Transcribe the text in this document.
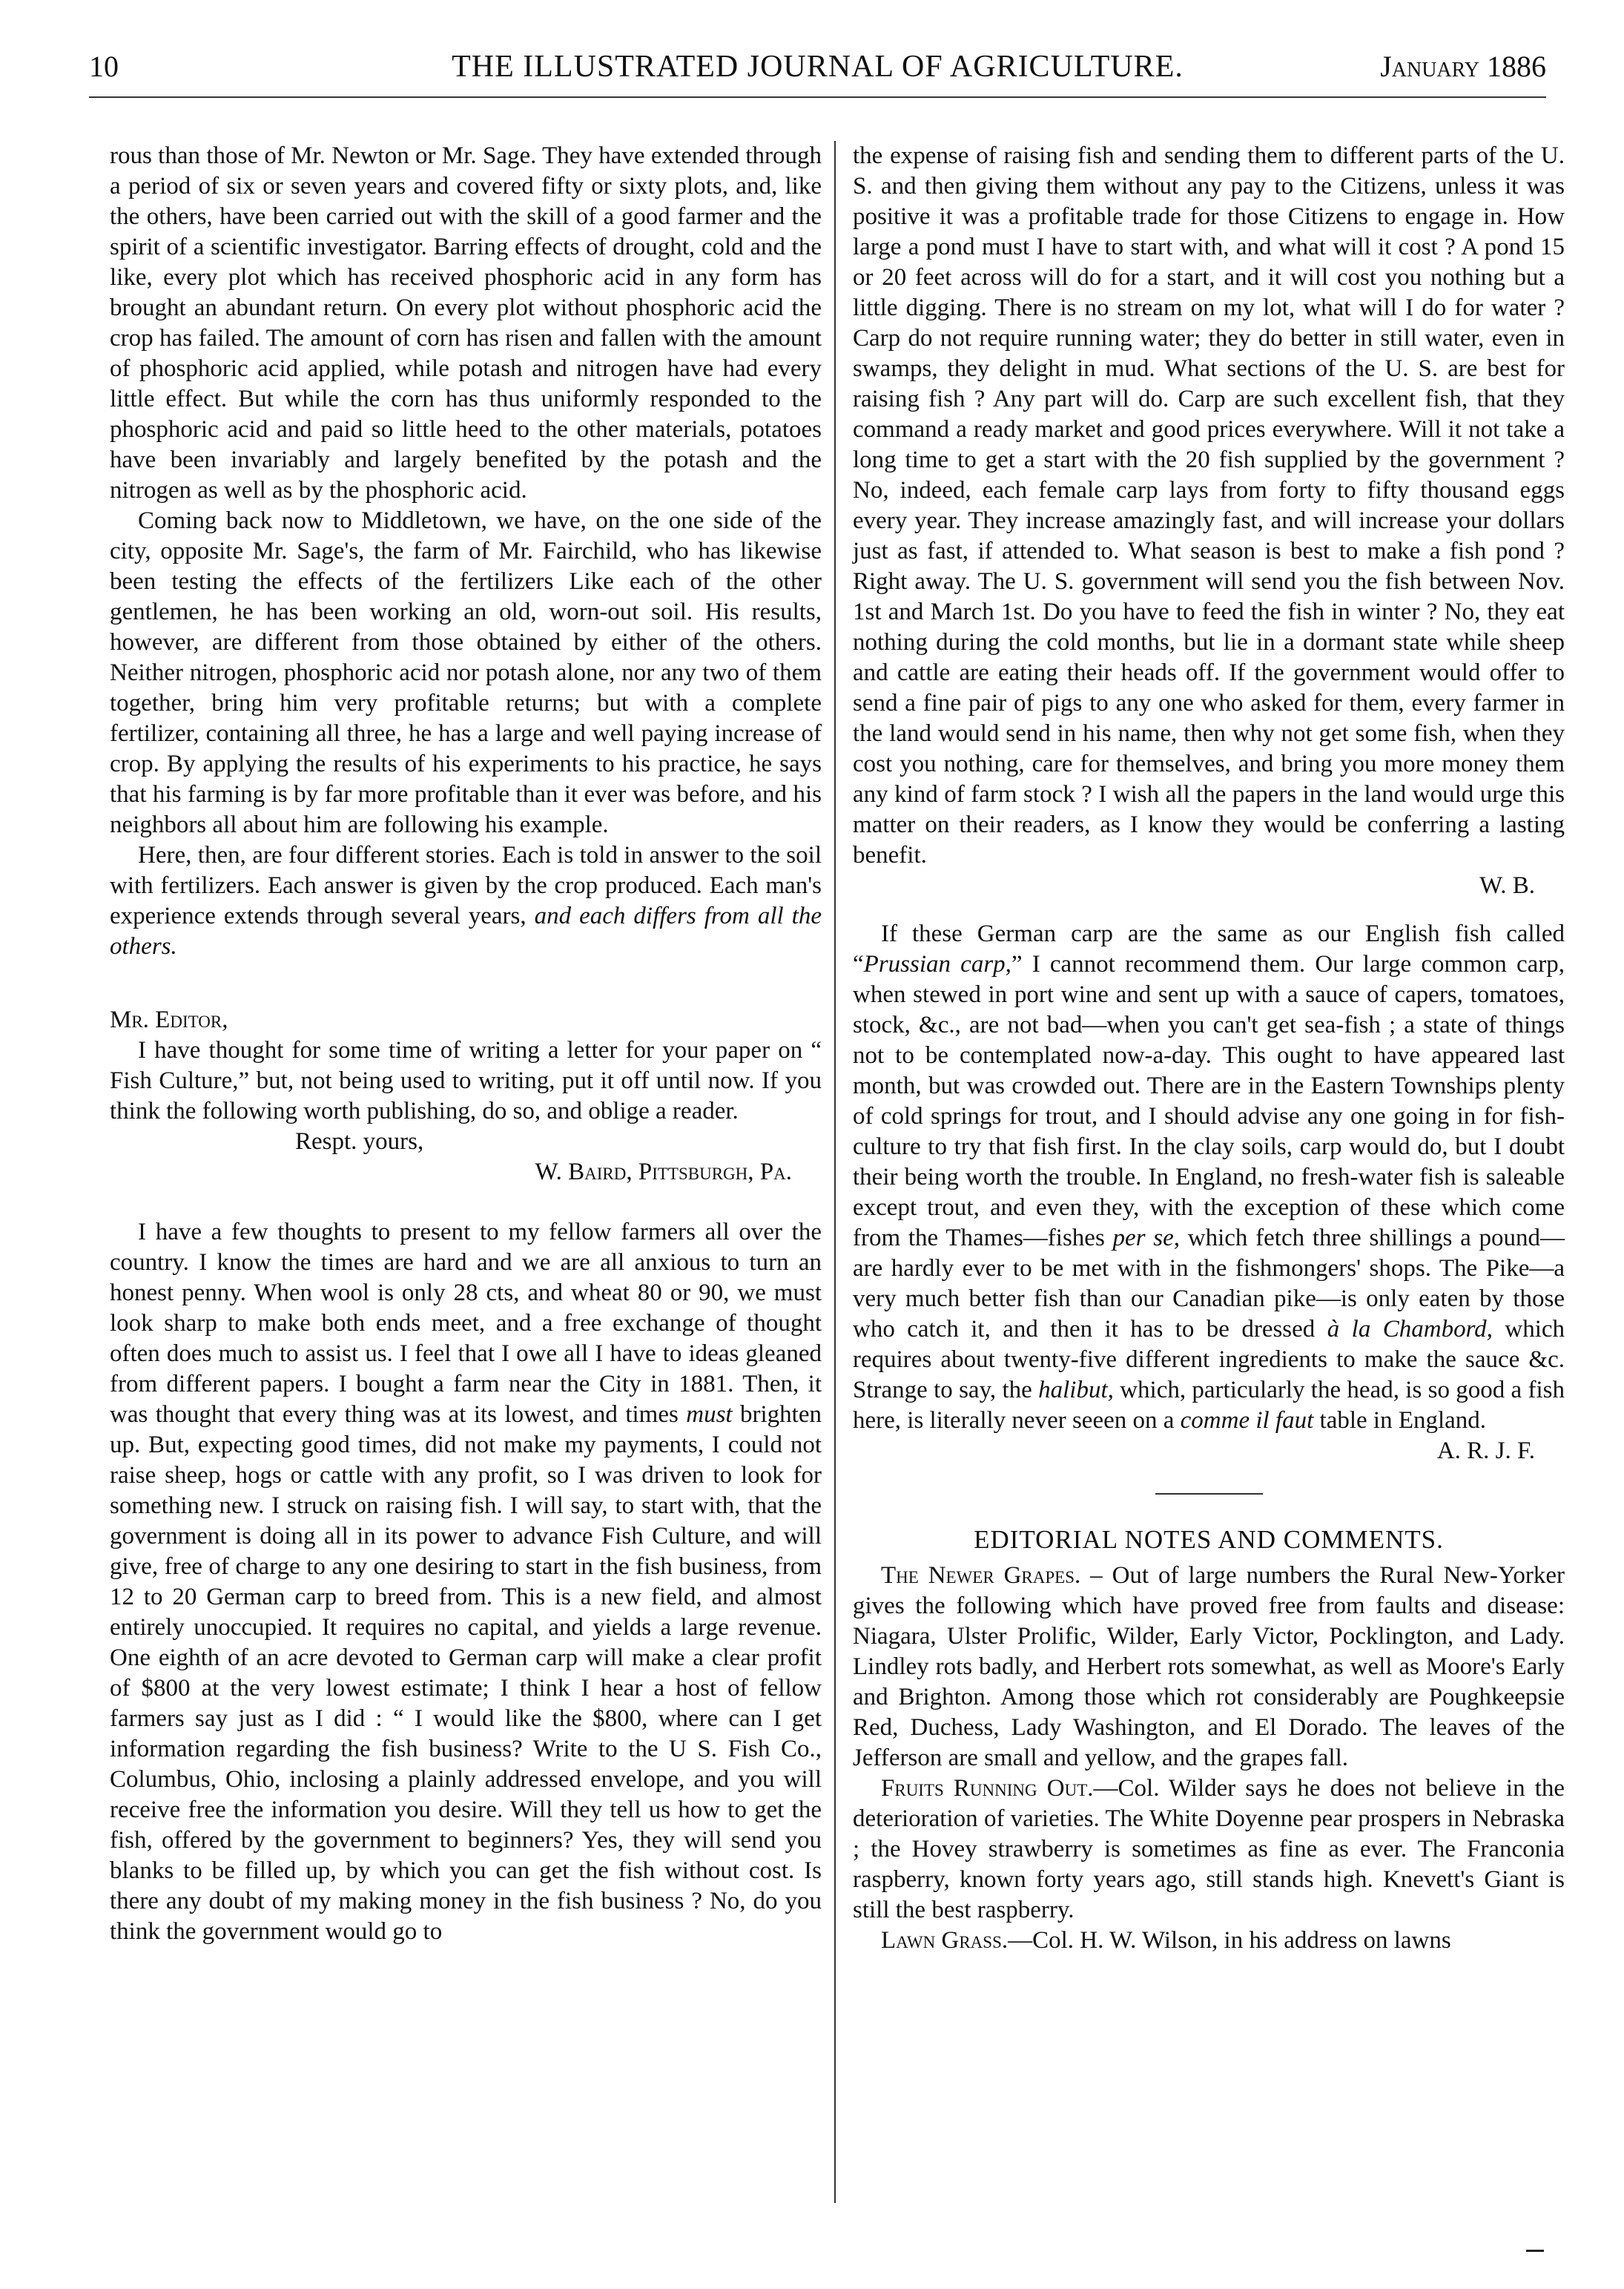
10	THE ILLUSTRATED JOURNAL OF AGRICULTURE.	January 1886

rous than those of Mr. Newton or Mr. Sage. They have extended through a period of six or seven years and covered fifty or sixty plots, and, like the others, have been carried out with the skill of a good farmer and the spirit of a scientific investigator. Barring effects of drought, cold and the like, every plot which has received phosphoric acid in any form has brought an abundant return. On every plot without phosphoric acid the crop has failed. The amount of corn has risen and fallen with the amount of phosphoric acid applied, while potash and nitrogen have had every little effect. But while the corn has thus uniformly responded to the phosphoric acid and paid so little heed to the other materials, potatoes have been invariably and largely benefited by the potash and the nitrogen as well as by the phosphoric acid.

Coming back now to Middletown, we have, on the one side of the city, opposite Mr. Sage's, the farm of Mr. Fairchild, who has likewise been testing the effects of the fertilizers Like each of the other gentlemen, he has been working an old, worn-out soil. His results, however, are different from those obtained by either of the others. Neither nitrogen, phosphoric acid nor potash alone, nor any two of them together, bring him very profitable returns; but with a complete fertilizer, containing all three, he has a large and well paying increase of crop. By applying the results of his experiments to his practice, he says that his farming is by far more profitable than it ever was before, and his neighbors all about him are following his example.

Here, then, are four different stories. Each is told in answer to the soil with fertilizers. Each answer is given by the crop produced. Each man's experience extends through several years, and each differs from all the others.

Mr. Editor,

I have thought for some time of writing a letter for your paper on “ Fish Culture,” but, not being used to writing, put it off until now. If you think the following worth publishing, do so, and oblige a reader.

Respt. yours,

W. Baird, Pittsburgh, Pa.

I have a few thoughts to present to my fellow farmers all over the country. I know the times are hard and we are all anxious to turn an honest penny. When wool is only 28 cts, and wheat 80 or 90, we must look sharp to make both ends meet, and a free exchange of thought often does much to assist us. I feel that I owe all I have to ideas gleaned from different papers. I bought a farm near the City in 1881. Then, it was thought that every thing was at its lowest, and times must brighten up. But, expecting good times, did not make my payments, I could not raise sheep, hogs or cattle with any profit, so I was driven to look for something new. I struck on raising fish. I will say, to start with, that the government is doing all in its power to advance Fish Culture, and will give, free of charge to any one desiring to start in the fish business, from 12 to 20 German carp to breed from. This is a new field, and almost entirely unoccupied. It requires no capital, and yields a large revenue. One eighth of an acre devoted to German carp will make a clear profit of $800 at the very lowest estimate; I think I hear a host of fellow farmers say just as I did : “ I would like the $800, where can I get information regarding the fish business? Write to the U S. Fish Co., Columbus, Ohio, inclosing a plainly addressed envelope, and you will receive free the information you desire. Will they tell us how to get the fish, offered by the government to beginners? Yes, they will send you blanks to be filled up, by which you can get the fish without cost. Is there any doubt of my making money in the fish business ? No, do you think the government would go to

the expense of raising fish and sending them to different parts of the U. S. and then giving them without any pay to the Citizens, unless it was positive it was a profitable trade for those Citizens to engage in. How large a pond must I have to start with, and what will it cost ? A pond 15 or 20 feet across will do for a start, and it will cost you nothing but a little digging. There is no stream on my lot, what will I do for water ? Carp do not require running water; they do better in still water, even in swamps, they delight in mud. What sections of the U. S. are best for raising fish ? Any part will do. Carp are such excellent fish, that they command a ready market and good prices everywhere. Will it not take a long time to get a start with the 20 fish supplied by the government ? No, indeed, each female carp lays from forty to fifty thousand eggs every year. They increase amazingly fast, and will increase your dollars just as fast, if attended to. What season is best to make a fish pond ? Right away. The U. S. government will send you the fish between Nov. 1st and March 1st. Do you have to feed the fish in winter ? No, they eat nothing during the cold months, but lie in a dormant state while sheep and cattle are eating their heads off. If the government would offer to send a fine pair of pigs to any one who asked for them, every farmer in the land would send in his name, then why not get some fish, when they cost you nothing, care for themselves, and bring you more money them any kind of farm stock ? I wish all the papers in the land would urge this matter on their readers, as I know they would be conferring a lasting benefit.

W. B.

If these German carp are the same as our English fish called “Prussian carp,” I cannot recommend them. Our large common carp, when stewed in port wine and sent up with a sauce of capers, tomatoes, stock, &c., are not bad—when you can't get sea-fish ; a state of things not to be contemplated now-a-day. This ought to have appeared last month, but was crowded out. There are in the Eastern Townships plenty of cold springs for trout, and I should advise any one going in for fish-culture to try that fish first. In the clay soils, carp would do, but I doubt their being worth the trouble. In England, no fresh-water fish is saleable except trout, and even they, with the exception of these which come from the Thames—fishes per se, which fetch three shillings a pound—are hardly ever to be met with in the fishmongers' shops. The Pike—a very much better fish than our Canadian pike—is only eaten by those who catch it, and then it has to be dressed à la Chambord, which requires about twenty-five different ingredients to make the sauce &c. Strange to say, the halibut, which, particularly the head, is so good a fish here, is literally never seeen on a comme il faut table in England.

A. R. J. F.

EDITORIAL NOTES AND COMMENTS.

The Newer Grapes. – Out of large numbers the Rural New-Yorker gives the following which have proved free from faults and disease: Niagara, Ulster Prolific, Wilder, Early Victor, Pocklington, and Lady. Lindley rots badly, and Herbert rots somewhat, as well as Moore's Early and Brighton. Among those which rot considerably are Poughkeepsie Red, Duchess, Lady Washington, and El Dorado. The leaves of the Jefferson are small and yellow, and the grapes fall.

Fruits Running Out.—Col. Wilder says he does not believe in the deterioration of varieties. The White Doyenne pear prospers in Nebraska ; the Hovey strawberry is sometimes as fine as ever. The Franconia raspberry, known forty years ago, still stands high. Knevett's Giant is still the best raspberry.

Lawn Grass.—Col. H. W. Wilson, in his address on lawns
